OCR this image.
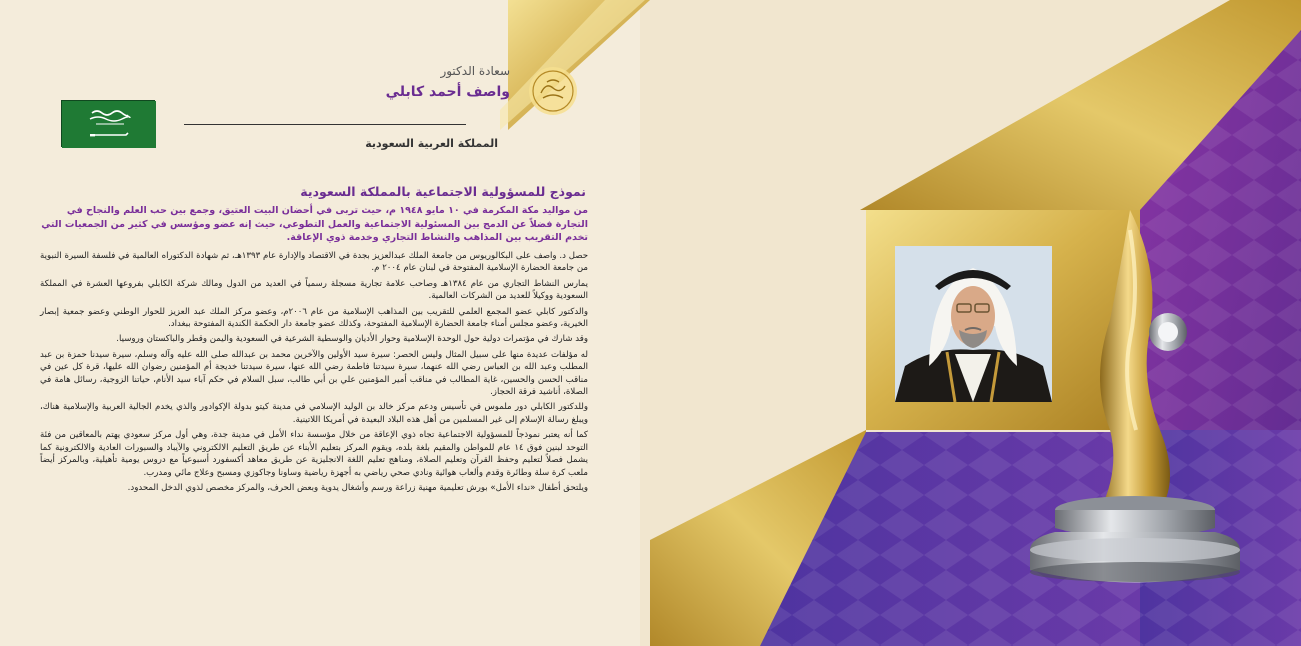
سعادة الدكتور
واصف أحمد كابلي
المملكة العربية السعودية
نموذج للمسؤولية الاجتماعية بالمملكة السعودية
من مواليد مكة المكرمة في ١٠ مايو ١٩٤٨ م، حيث تربى في أحضان البيت العتيق، وجمع بين حب العلم والنجاح في التجارة فضلاً عن الدمج بين المسئولية الاجتماعية والعمل التطوعي، حيث إنه عضو ومؤسس في كثير من الجمعيات التي تخدم التقريب بين المذاهب والنشاط التجاري وخدمة ذوي الإعاقة.

حصل د. واصف على البكالوريوس من جامعة الملك عبدالعزيز بجدة في الاقتصاد والإدارة عام ١٣٩٣هـ، ثم شهادة الدكتوراه العالمية في فلسفة السيرة النبوية من جامعة الحضارة الإسلامية المفتوحة في لبنان عام ٢٠٠٤ م.

يمارس النشاط التجاري من عام ١٣٨٤هـ وصاحب علامة تجارية مسجلة رسمياً في العديد من الدول ومالك شركة الكابلي بفروعها العشرة في المملكة السعودية ووكيلاً للعديد من الشركات العالمية.

والدكتور كابلي عضو المجمع العلمي للتقريب بين المذاهب الإسلامية من عام ٢٠٠٦م، وعضو مركز الملك عبد العزيز للحوار الوطني وعضو جمعية إبصار الخيرية، وعضو مجلس أمناء جامعة الحضارة الإسلامية المفتوحة، وكذلك عضو جامعة دار الحكمة الكندية المفتوحة ببغداد.

وقد شارك في مؤتمرات دولية حول الوحدة الإسلامية وحوار الأديان والوسطية الشرعية في السعودية واليمن وقطر والباكستان وروسيا.

له مؤلفات عديدة منها على سبيل المثال وليس الحصر: سيرة سيد الأولين والآخرين محمد بن عبدالله صلى الله عليه وآله وسلم، سيرة سيدنا حمزة بن عبد المطلب وعبد الله بن العباس رضي الله عنهما، سيرة سيدتنا فاطمة رضي الله عنها، سيرة سيدتنا خديجة أم المؤمنين رضوان الله عليها، قرة كل عين في مناقب الحسن والحسين، غاية المطالب في مناقب أمير المؤمنين علي بن أبي طالب، سبل السلام في حكم آباء سيد الأنام، حياتنا الزوجية، رسائل هامة في الصلاة، أناشيد فرقة الحجاز.

وللدكتور الكابلي دور ملموس في تأسيس ودعم مركز خالد بن الوليد الإسلامي في مدينة كيتو بدولة الإكوادور والذي يخدم الجالية العربية والإسلامية هناك، ويبلغ رسالة الإسلام إلى غير المسلمين من أهل هذه البلاد البعيدة في أمريكا اللاتينية.

كما أنه يعتبر نموذجاً للمسؤولية الاجتماعية تجاه ذوي الإعاقة من خلال مؤسسة نداء الأمل في مدينة جدة، وهي أول مركز سعودي يهتم بالمعاقين من فئة التوحد لبنين فوق ١٤ عام للمواطن والمقيم بلغة بلده، ويقوم المركز بتعليم الأبناء عن طريق التعليم الالكتروني والآيباد والسبورات العادية والالكترونية كما يشمل فصلاً لتعليم وحفظ القرآن وتعليم الصلاة، ومناهج تعليم اللغة الانجليزية عن طريق معاهد أكسفورد أسبوعياً مع دروس يومية تأهيلية، وبالمركز أيضاً ملعب كرة سلة وطائرة وقدم وألعاب هوائية ونادي صحي رياضي به أجهزة رياضية وساونا وجاكوزي ومسبح وعلاج مائي ومدرب.

ويلتحق أطفال «نداء الأمل» بورش تعليمية مهنية زراعة ورسم وأشغال يدوية وبعض الحرف، والمركز مخصص لذوي الدخل المحدود.
